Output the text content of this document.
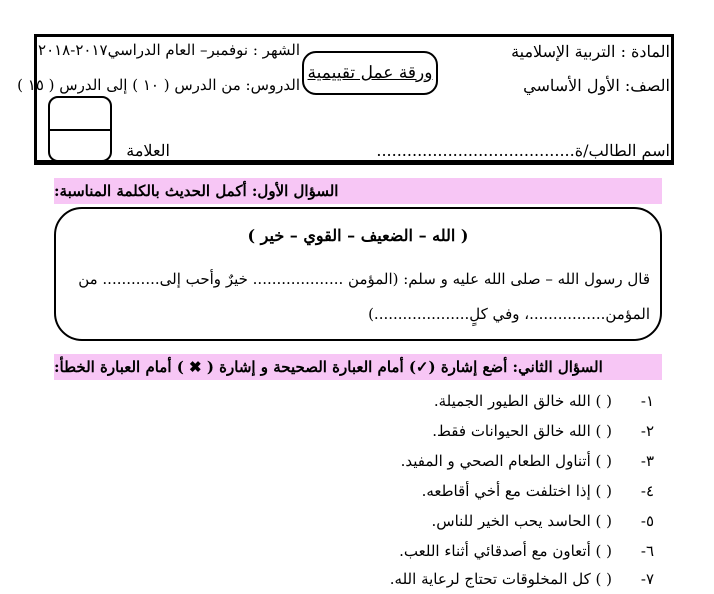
المادة : التربية الإسلامية
الصف: الأول الأساسي
اسم الطالب/ة.......................................
الشهر : نوفمبر– العام الدراسي٢٠١٧-٢٠١٨
الدروس: من الدرس ( ١٠ ) إلى الدرس ( ١٥ )
ورقة عمل تقييمية
العلامة
السؤال الأول: أكمل الحديث بالكلمة المناسبة:
( الله – الضعيف – القوي – خير )
قال رسول الله – صلى الله عليه و سلم: (المؤمن ................... خيرٌ وأحب إلى............ من
المؤمن................، وفي كلٍ....................)
السؤال الثاني: أضع إشارة (✓) أمام العبارة الصحيحة و إشارة ( ✖ ) أمام العبارة الخطأ:
١-( ) الله خالق الطيور الجميلة.
٢-( ) الله خالق الحيوانات فقط.
٣-( ) أتناول الطعام الصحي و المفيد.
٤-( ) إذا اختلفت مع أخي أقاطعه.
٥-( ) الحاسد يحب الخير للناس.
٦-( ) أتعاون مع أصدقائي أثناء اللعب.
٧-( ) كل المخلوقات تحتاج لرعاية الله.
